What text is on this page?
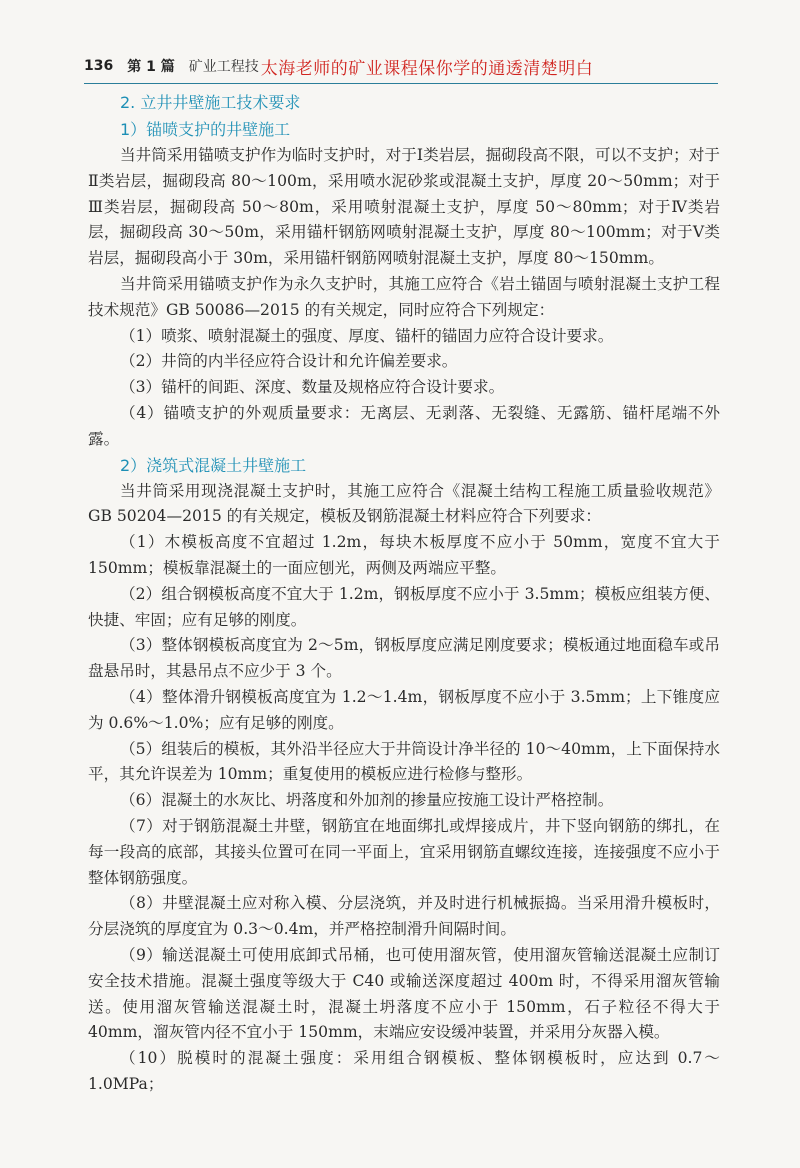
136 第 1 篇 矿业工程技 太海老师的矿业课程保你学的通透清楚明白
2. 立井井壁施工技术要求
1）锚喷支护的井壁施工

当井筒采用锚喷支护作为临时支护时，对于Ⅰ类岩层，掘砌段高不限，可以不支护；对于Ⅱ类岩层，掘砌段高 80～100m，采用喷水泥砂浆或混凝土支护，厚度 20～50mm；对于Ⅲ类岩层，掘砌段高 50～80m，采用喷射混凝土支护，厚度 50～80mm；对于Ⅳ类岩层，掘砌段高 30～50m，采用锚杆钢筋网喷射混凝土支护，厚度 80～100mm；对于Ⅴ类岩层，掘砌段高小于 30m，采用锚杆钢筋网喷射混凝土支护，厚度 80～150mm。

当井筒采用锚喷支护作为永久支护时，其施工应符合《岩土锚固与喷射混凝土支护工程技术规范》GB 50086—2015 的有关规定，同时应符合下列规定：

（1）喷浆、喷射混凝土的强度、厚度、锚杆的锚固力应符合设计要求。

（2）井筒的内半径应符合设计和允许偏差要求。

（3）锚杆的间距、深度、数量及规格应符合设计要求。

（4）锚喷支护的外观质量要求：无离层、无剥落、无裂缝、无露筋、锚杆尾端不外露。

2）浇筑式混凝土井壁施工

当井筒采用现浇混凝土支护时，其施工应符合《混凝土结构工程施工质量验收规范》GB 50204—2015 的有关规定，模板及钢筋混凝土材料应符合下列要求：

（1）木模板高度不宜超过 1.2m，每块木板厚度不应小于 50mm，宽度不宜大于 150mm；模板靠混凝土的一面应刨光，两侧及两端应平整。

（2）组合钢模板高度不宜大于 1.2m，钢板厚度不应小于 3.5mm；模板应组装方便、快捷、牢固；应有足够的刚度。

（3）整体钢模板高度宜为 2～5m，钢板厚度应满足刚度要求；模板通过地面稳车或吊盘悬吊时，其悬吊点不应少于 3 个。

（4）整体滑升钢模板高度宜为 1.2～1.4m，钢板厚度不应小于 3.5mm；上下锥度应为 0.6%～1.0%；应有足够的刚度。

（5）组装后的模板，其外沿半径应大于井筒设计净半径的 10～40mm，上下面保持水平，其允许误差为 10mm；重复使用的模板应进行检修与整形。

（6）混凝土的水灰比、坍落度和外加剂的掺量应按施工设计严格控制。

（7）对于钢筋混凝土井壁，钢筋宜在地面绑扎或焊接成片，井下竖向钢筋的绑扎，在每一段高的底部，其接头位置可在同一平面上，宜采用钢筋直螺纹连接，连接强度不应小于整体钢筋强度。

（8）井壁混凝土应对称入模、分层浇筑，并及时进行机械振捣。当采用滑升模板时，分层浇筑的厚度宜为 0.3～0.4m，并严格控制滑升间隔时间。

（9）输送混凝土可使用底卸式吊桶，也可使用溜灰管，使用溜灰管输送混凝土应制订安全技术措施。混凝土强度等级大于 C40 或输送深度超过 400m 时，不得采用溜灰管输送。使用溜灰管输送混凝土时，混凝土坍落度不应小于 150mm，石子粒径不得大于 40mm，溜灰管内径不宜小于 150mm，末端应安设缓冲装置，并采用分灰器入模。

（10）脱模时的混凝土强度：采用组合钢模板、整体钢模板时，应达到 0.7～1.0MPa；
